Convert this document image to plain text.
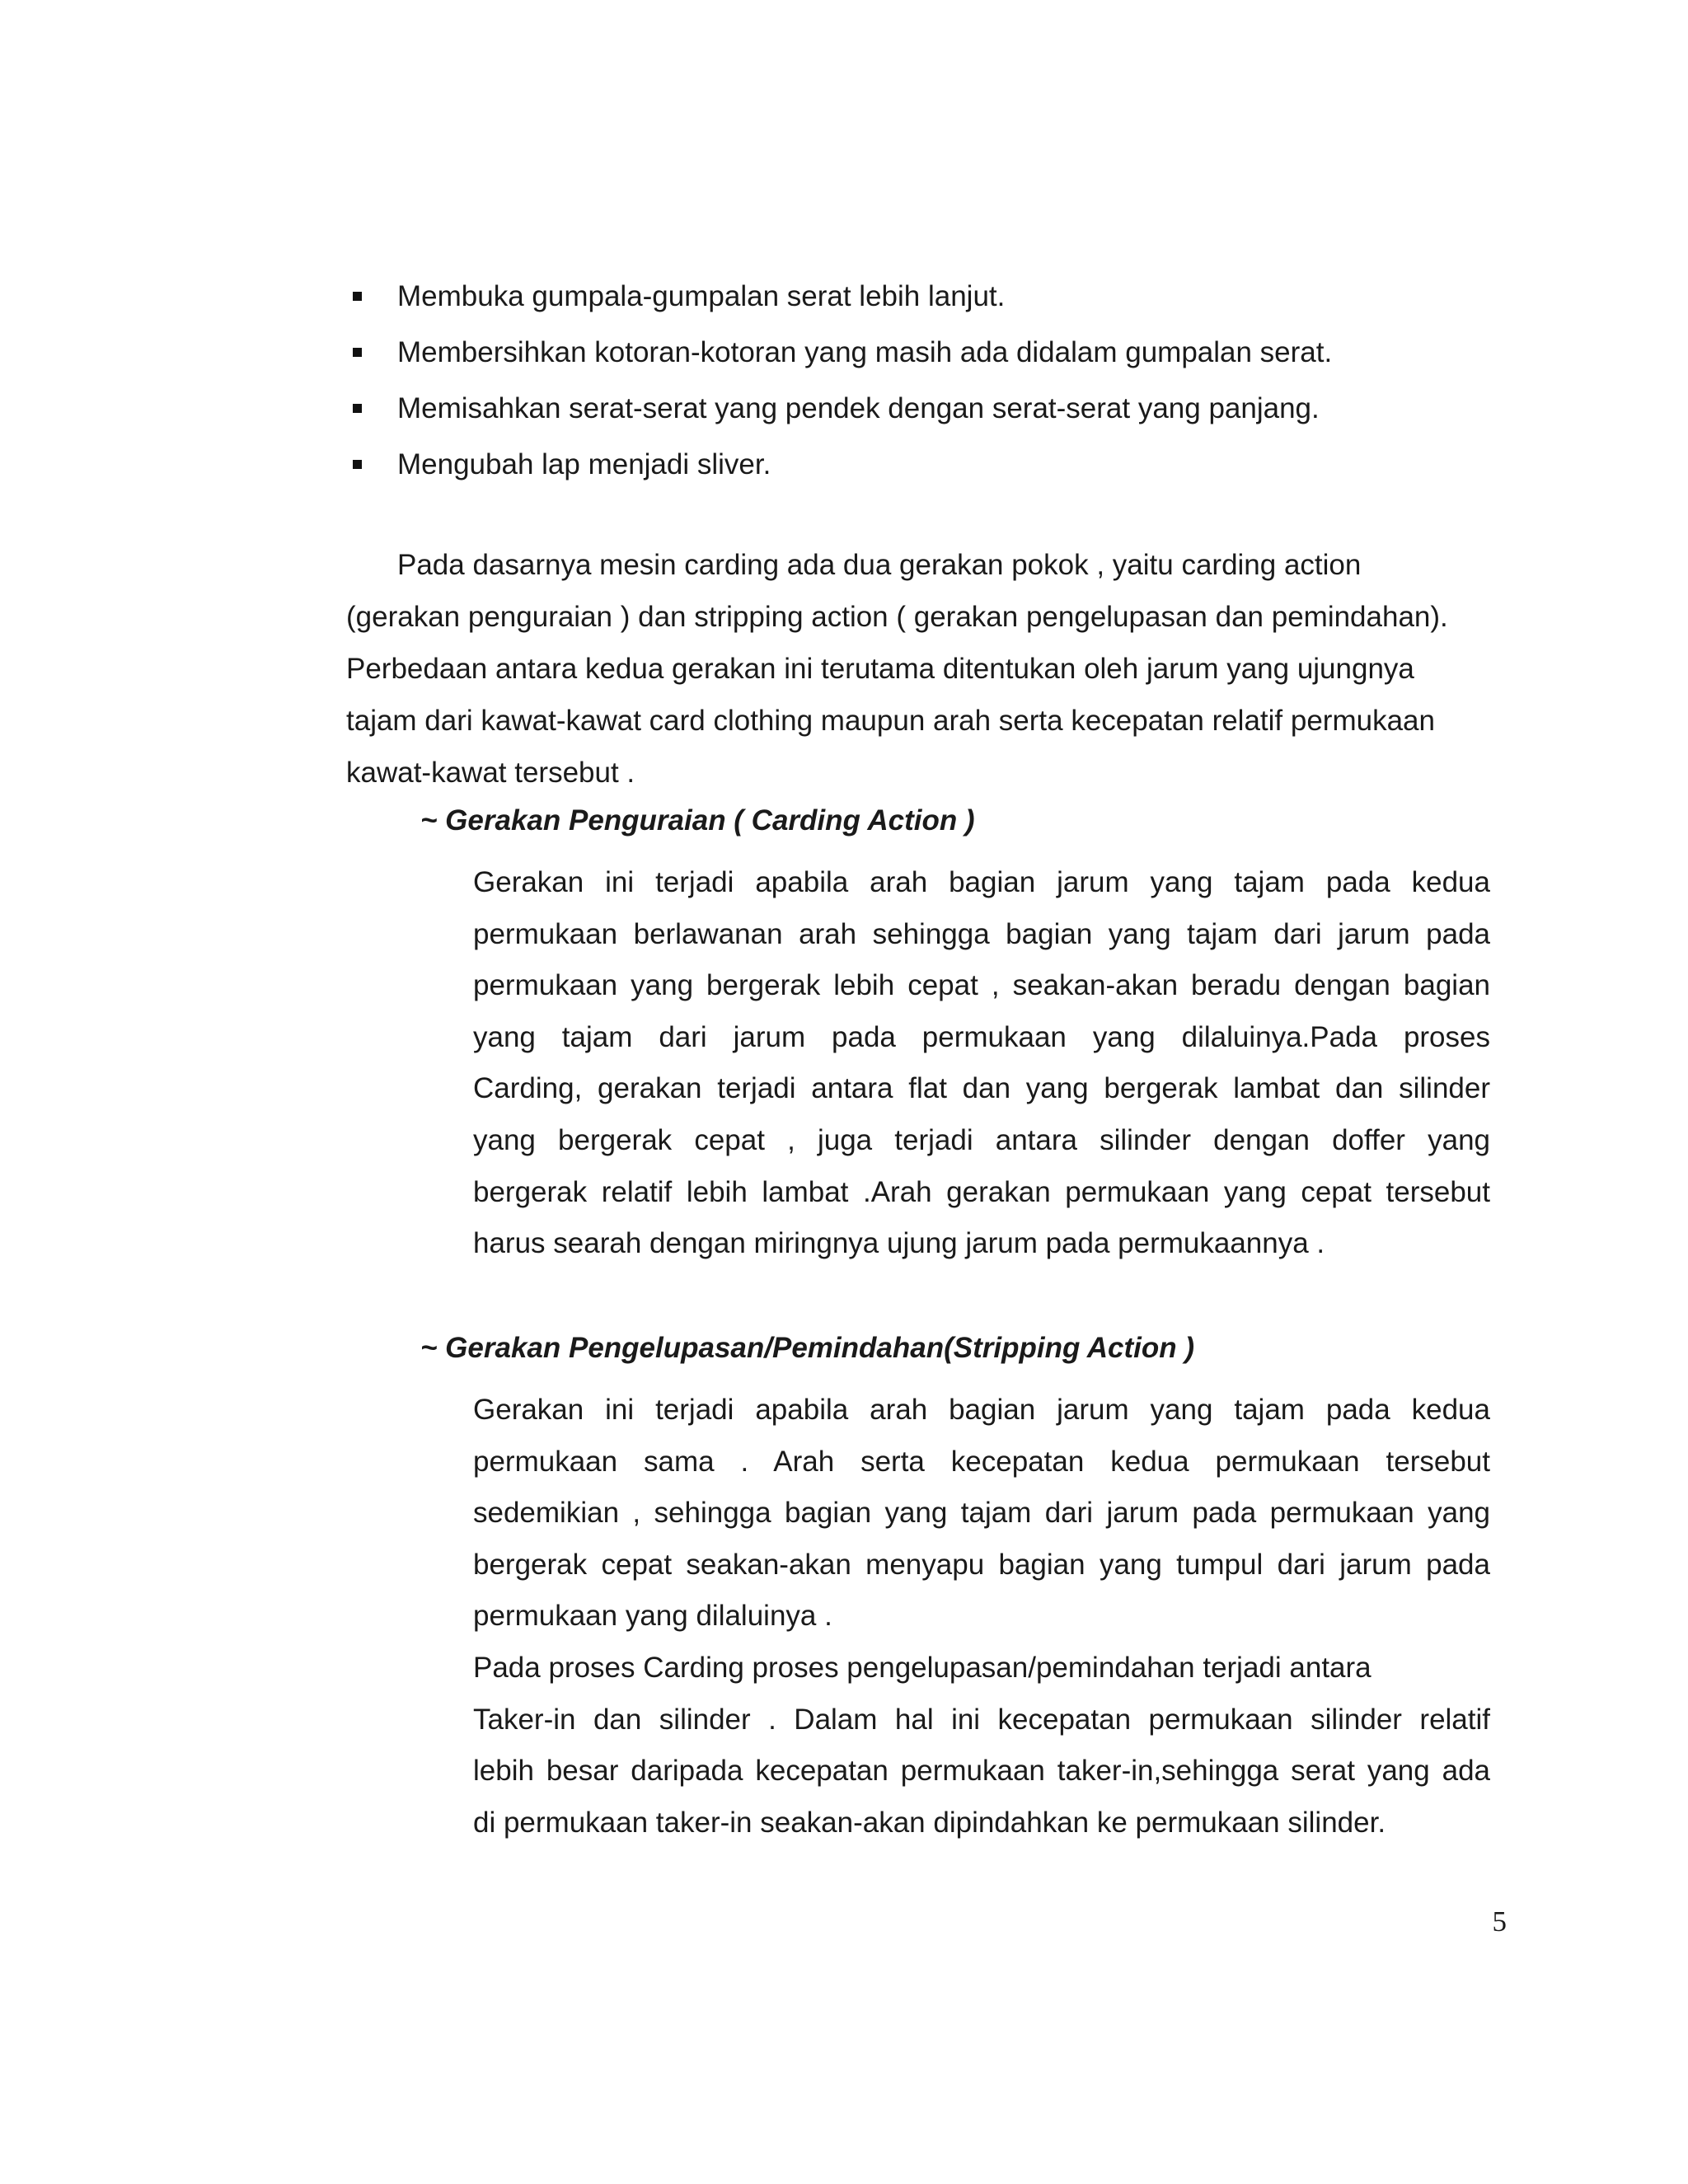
Membuka gumpala-gumpalan serat lebih lanjut.
Membersihkan kotoran-kotoran yang masih ada didalam gumpalan serat.
Memisahkan serat-serat yang pendek dengan serat-serat yang panjang.
Mengubah lap menjadi sliver.

Pada dasarnya mesin carding ada dua gerakan pokok , yaitu carding action
(gerakan penguraian ) dan stripping action ( gerakan pengelupasan dan pemindahan).
Perbedaan antara kedua gerakan ini terutama ditentukan oleh jarum yang ujungnya
tajam dari kawat-kawat card clothing maupun arah serta kecepatan relatif permukaan
kawat-kawat tersebut .

~ Gerakan Penguraian ( Carding Action )

Gerakan ini terjadi apabila arah bagian jarum yang tajam pada kedua
permukaan berlawanan arah sehingga bagian yang tajam dari jarum pada
permukaan yang bergerak lebih cepat , seakan-akan beradu dengan bagian
yang tajam dari jarum pada permukaan yang dilaluinya.Pada proses
Carding, gerakan terjadi antara flat dan yang bergerak lambat dan silinder
yang bergerak cepat , juga terjadi antara silinder dengan doffer yang
bergerak relatif lebih lambat .Arah gerakan permukaan yang cepat tersebut
harus searah dengan miringnya ujung jarum pada permukaannya .

~ Gerakan Pengelupasan/Pemindahan(Stripping Action )

Gerakan ini terjadi apabila arah bagian jarum yang tajam pada kedua
permukaan sama . Arah serta kecepatan kedua permukaan tersebut
sedemikian , sehingga bagian yang tajam dari jarum pada permukaan yang
bergerak cepat seakan-akan menyapu bagian yang tumpul dari jarum pada
permukaan yang dilaluinya .
Pada proses Carding proses pengelupasan/pemindahan terjadi antara
Taker-in dan silinder . Dalam hal ini kecepatan permukaan silinder relatif
lebih besar daripada kecepatan permukaan taker-in,sehingga serat yang ada
di permukaan taker-in seakan-akan dipindahkan ke permukaan silinder.

5
